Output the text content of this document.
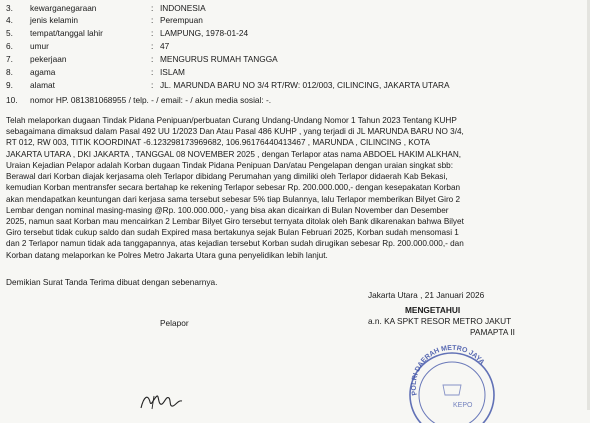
3.	kewarganegaraan	: INDONESIA
4.	jenis kelamin	: Perempuan
5.	tempat/tanggal lahir	: LAMPUNG, 1978-01-24
6.	umur	: 47
7.	pekerjaan	: MENGURUS RUMAH TANGGA
8.	agama	: ISLAM
9.	alamat	: JL. MARUNDA BARU NO 3/4 RT/RW: 012/003, CILINCING, JAKARTA UTARA
10. nomor HP. 081381068955 / telp. - / email: - / akun media sosial: -.
Telah melaporkan dugaan Tindak Pidana Penipuan/perbuatan Curang Undang-Undang Nomor 1 Tahun 2023 Tentang KUHP
sebagaimana dimaksud dalam Pasal 492 UU 1/2023 Dan Atau Pasal 486 KUHP , yang terjadi di JL MARUNDA BARU NO 3/4,
RT 012, RW 003, TITIK KOORDINAT -6.123298173969682, 106.96176440413467 , MARUNDA , CILINCING , KOTA
JAKARTA UTARA , DKI JAKARTA , TANGGAL 08 NOVEMBER 2025 , dengan Terlapor atas nama ABDOEL HAKIM ALKHAN,
Uraian Kejadian Pelapor adalah Korban dugaan Tindak Pidana Penipuan Dan/atau Pengelapan dengan uraian singkat sbb:
Berawal dari Korban diajak kerjasama oleh Terlapor dibidang Perumahan yang dimiliki oleh Terlapor didaerah Kab Bekasi,
kemudian Korban mentransfer secara bertahap ke rekening Terlapor sebesar Rp. 200.000.000,- dengan kesepakatan Korban
akan mendapatkan keuntungan dari kerjasa sama tersebut sebesar 5% tiap Bulannya, lalu Terlapor memberikan Bilyet Giro 2
Lembar dengan nominal masing-masing @Rp. 100.000.000,- yang bisa akan dicairkan di Bulan November dan Desember
2025, namun saat Korban mau mencairkan 2 Lembar Bilyet Giro tersebut ternyata ditolak oleh Bank dikarenakan bahwa Bilyet
Giro tersebut tidak cukup saldo dan sudah Expired masa bertakunya sejak Bulan Februari 2025, Korban sudah mensomasi 1
dan 2 Terlapor namun tidak ada tanggapannya, atas kejadian tersebut Korban sudah dirugikan sebesar Rp. 200.000.000,- dan
Korban datang melaporkan ke Polres Metro Jakarta Utara guna penyelidikan lebih lanjut.
Demikian Surat Tanda Terima dibuat dengan sebenarnya.
Jakarta Utara , 21 Januari 2026
MENGETAHUI
a.n. KA SPKT RESOR METRO JAKUT
PAMAPTA II
Pelapor
POLRI DAERAH METRO JAYA
KEPO
